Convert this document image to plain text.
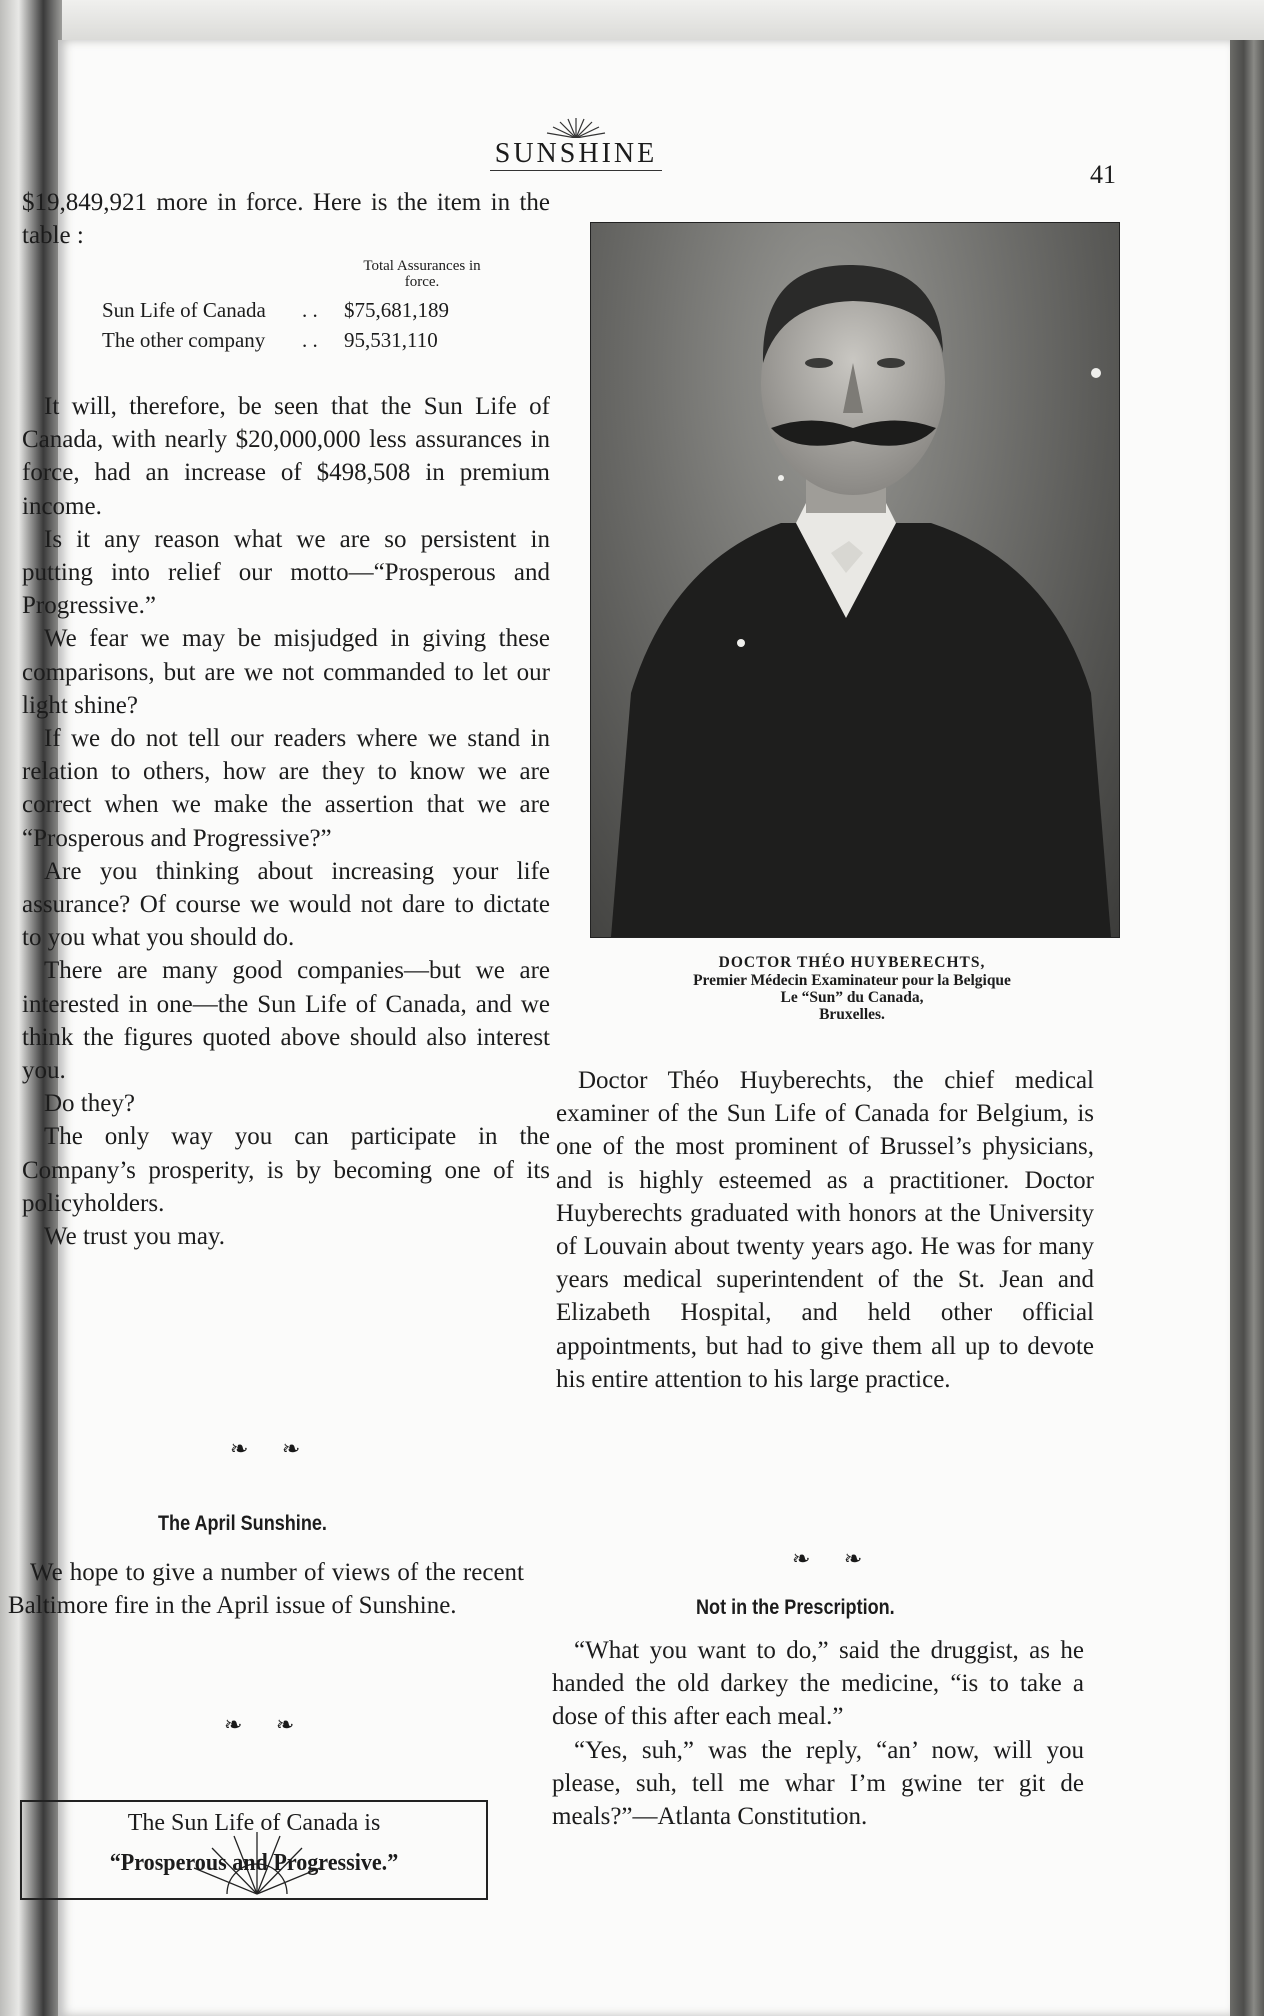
SUNSHINE
41

$19,849,921 more in force. Here is the item in the table :

Total Assurances in force.
Sun Life of Canada . . $75,681,189
The other company . . 95,531,110

It will, therefore, be seen that the Sun Life of Canada, with nearly $20,000,000 less assurances in force, had an increase of $498,508 in premium income.

Is it any reason what we are so persistent in putting into relief our motto—“Prosperous and Progressive.”

We fear we may be misjudged in giving these comparisons, but are we not commanded to let our light shine?

If we do not tell our readers where we stand in relation to others, how are they to know we are correct when we make the assertion that we are “Prosperous and Progressive?”

Are you thinking about increasing your life assurance? Of course we would not dare to dictate to you what you should do.

There are many good companies—but we are interested in one—the Sun Life of Canada, and we think the figures quoted above should also interest you.

Do they?

The only way you can participate in the Company’s prosperity, is by becoming one of its policyholders.

We trust you may.

❧ ❧
The April Sunshine.

We hope to give a number of views of the recent Baltimore fire in the April issue of Sunshine.

❧ ❧
The Sun Life of Canada is
“Prosperous and Progressive.”
DOCTOR THÉO HUYBERECHTS,
Premier Médecin Examinateur pour la Belgique
Le “Sun” du Canada,
Bruxelles.

Doctor Théo Huyberechts, the chief medical examiner of the Sun Life of Canada for Belgium, is one of the most prominent of Brussel’s physicians, and is highly esteemed as a practitioner. Doctor Huyberechts graduated with honors at the University of Louvain about twenty years ago. He was for many years medical superintendent of the St. Jean and Elizabeth Hospital, and held other official appointments, but had to give them all up to devote his entire attention to his large practice.

❧ ❧
Not in the Prescription.

“What you want to do,” said the druggist, as he handed the old darkey the medicine, “is to take a dose of this after each meal.”

“Yes, suh,” was the reply, “an’ now, will you please, suh, tell me whar I’m gwine ter git de meals?”—Atlanta Constitution.
